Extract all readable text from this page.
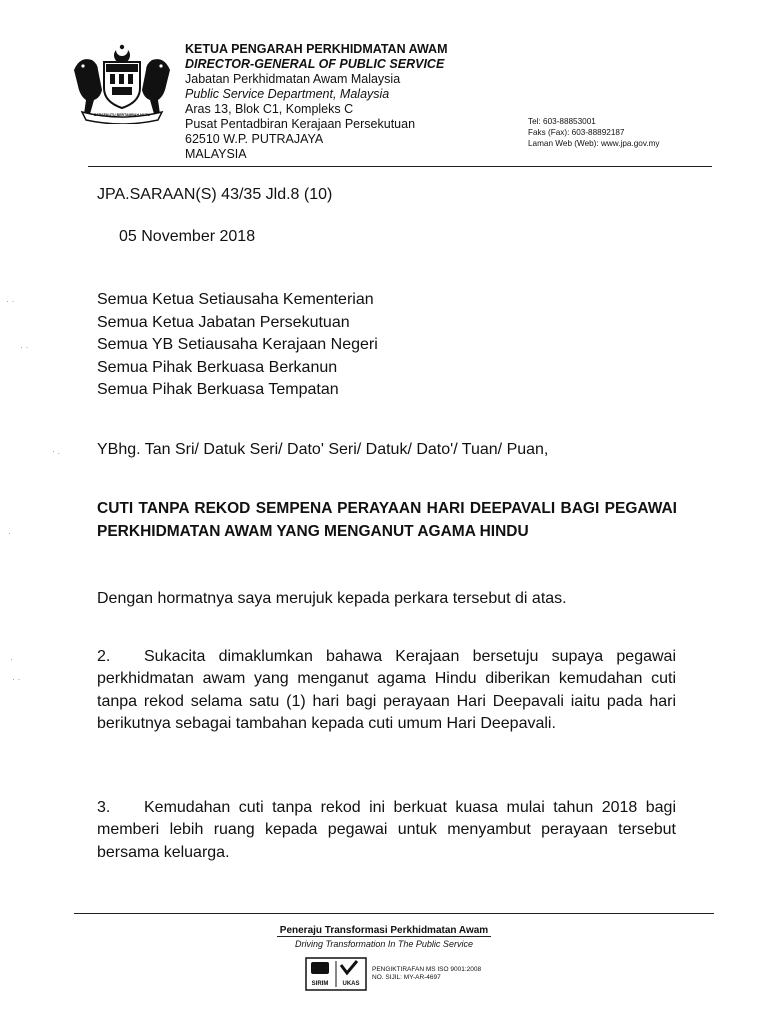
BERSEKUTU BERTAMBAH MUTU
KETUA PENGARAH PERKHIDMATAN AWAM
DIRECTOR-GENERAL OF PUBLIC SERVICE
Jabatan Perkhidmatan Awam Malaysia
Public Service Department, Malaysia
Aras 13, Blok C1, Kompleks C
Pusat Pentadbiran Kerajaan Persekutuan
62510 W.P. PUTRAJAYA
MALAYSIA
Tel: 603-88853001
Faks (Fax): 603-88892187
Laman Web (Web): www.jpa.gov.my
JPA.SARAAN(S) 43/35 Jld.8 (10)
05 November 2018
Semua Ketua Setiausaha Kementerian
Semua Ketua Jabatan Persekutuan
Semua YB Setiausaha Kerajaan Negeri
Semua Pihak Berkuasa Berkanun
Semua Pihak Berkuasa Tempatan
YBhg. Tan Sri/ Datuk Seri/ Dato' Seri/ Datuk/ Dato'/ Tuan/ Puan,
CUTI TANPA REKOD SEMPENA PERAYAAN HARI DEEPAVALI BAGI PEGAWAI PERKHIDMATAN AWAM YANG MENGANUT AGAMA HINDU
Dengan hormatnya saya merujuk kepada perkara tersebut di atas.
2. Sukacita dimaklumkan bahawa Kerajaan bersetuju supaya pegawai perkhidmatan awam yang menganut agama Hindu diberikan kemudahan cuti tanpa rekod selama satu (1) hari bagi perayaan Hari Deepavali iaitu pada hari berikutnya sebagai tambahan kepada cuti umum Hari Deepavali.
3. Kemudahan cuti tanpa rekod ini berkuat kuasa mulai tahun 2018 bagi memberi lebih ruang kepada pegawai untuk menyambut perayaan tersebut bersama keluarga.
· ·
· ·
· .
·
·
· ·
Peneraju Transformasi Perkhidmatan Awam
Driving Transformation In The Public Service
SIRIM UKAS
PENGIKTIRAFAN MS ISO 9001:2008
NO. SIJIL: MY-AR-4697
